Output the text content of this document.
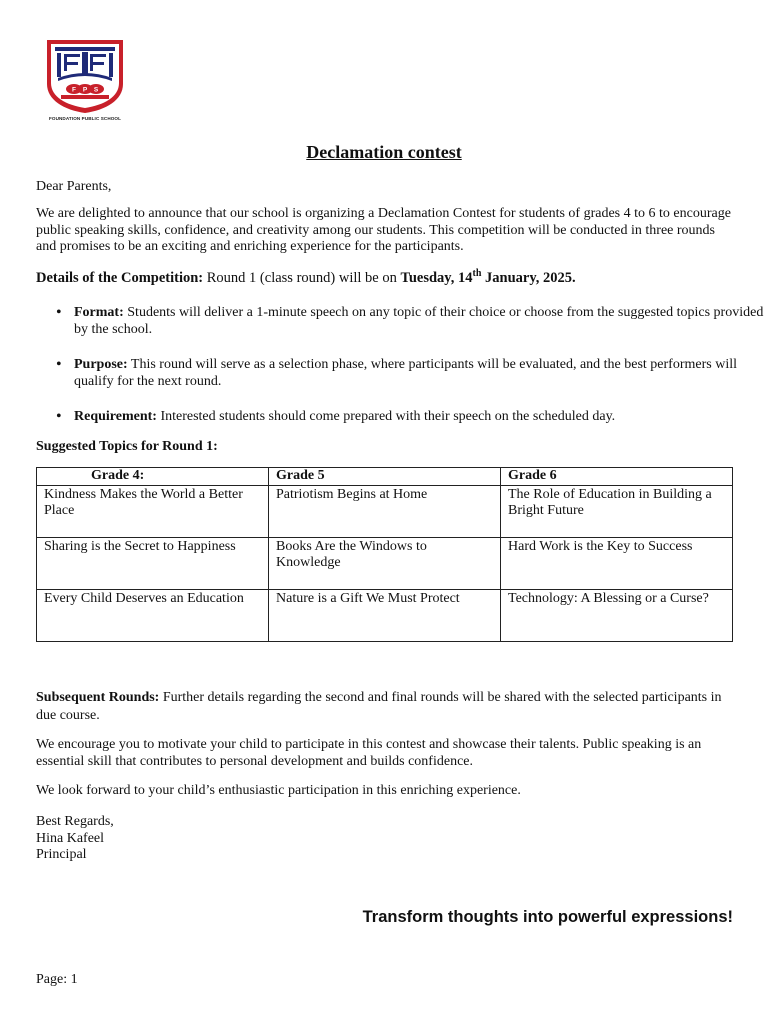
F P S
FOUNDATION PUBLIC SCHOOL
Declamation contest
Dear Parents,
We are delighted to announce that our school is organizing a Declamation Contest for students of grades 4 to 6 to encourage public speaking skills, confidence, and creativity among our students. This competition will be conducted in three rounds and promises to be an exciting and enriching experience for the participants.
Details of the Competition: Round 1 (class round) will be on Tuesday, 14th January, 2025.
• Format: Students will deliver a 1-minute speech on any topic of their choice or choose from the suggested topics provided by the school.
• Purpose: This round will serve as a selection phase, where participants will be evaluated, and the best performers will qualify for the next round.
• Requirement: Interested students should come prepared with their speech on the scheduled day.
Suggested Topics for Round 1:
Grade 4:	Grade 5	Grade 6
Kindness Makes the World a Better Place	Patriotism Begins at Home	The Role of Education in Building a Bright Future
Sharing is the Secret to Happiness	Books Are the Windows to Knowledge	Hard Work is the Key to Success
Every Child Deserves an Education	Nature is a Gift We Must Protect	Technology: A Blessing or a Curse?
Subsequent Rounds: Further details regarding the second and final rounds will be shared with the selected participants in due course.
We encourage you to motivate your child to participate in this contest and showcase their talents. Public speaking is an essential skill that contributes to personal development and builds confidence.
We look forward to your child’s enthusiastic participation in this enriching experience.
Best Regards,
Hina Kafeel
Principal
Transform thoughts into powerful expressions!
Page: 1
